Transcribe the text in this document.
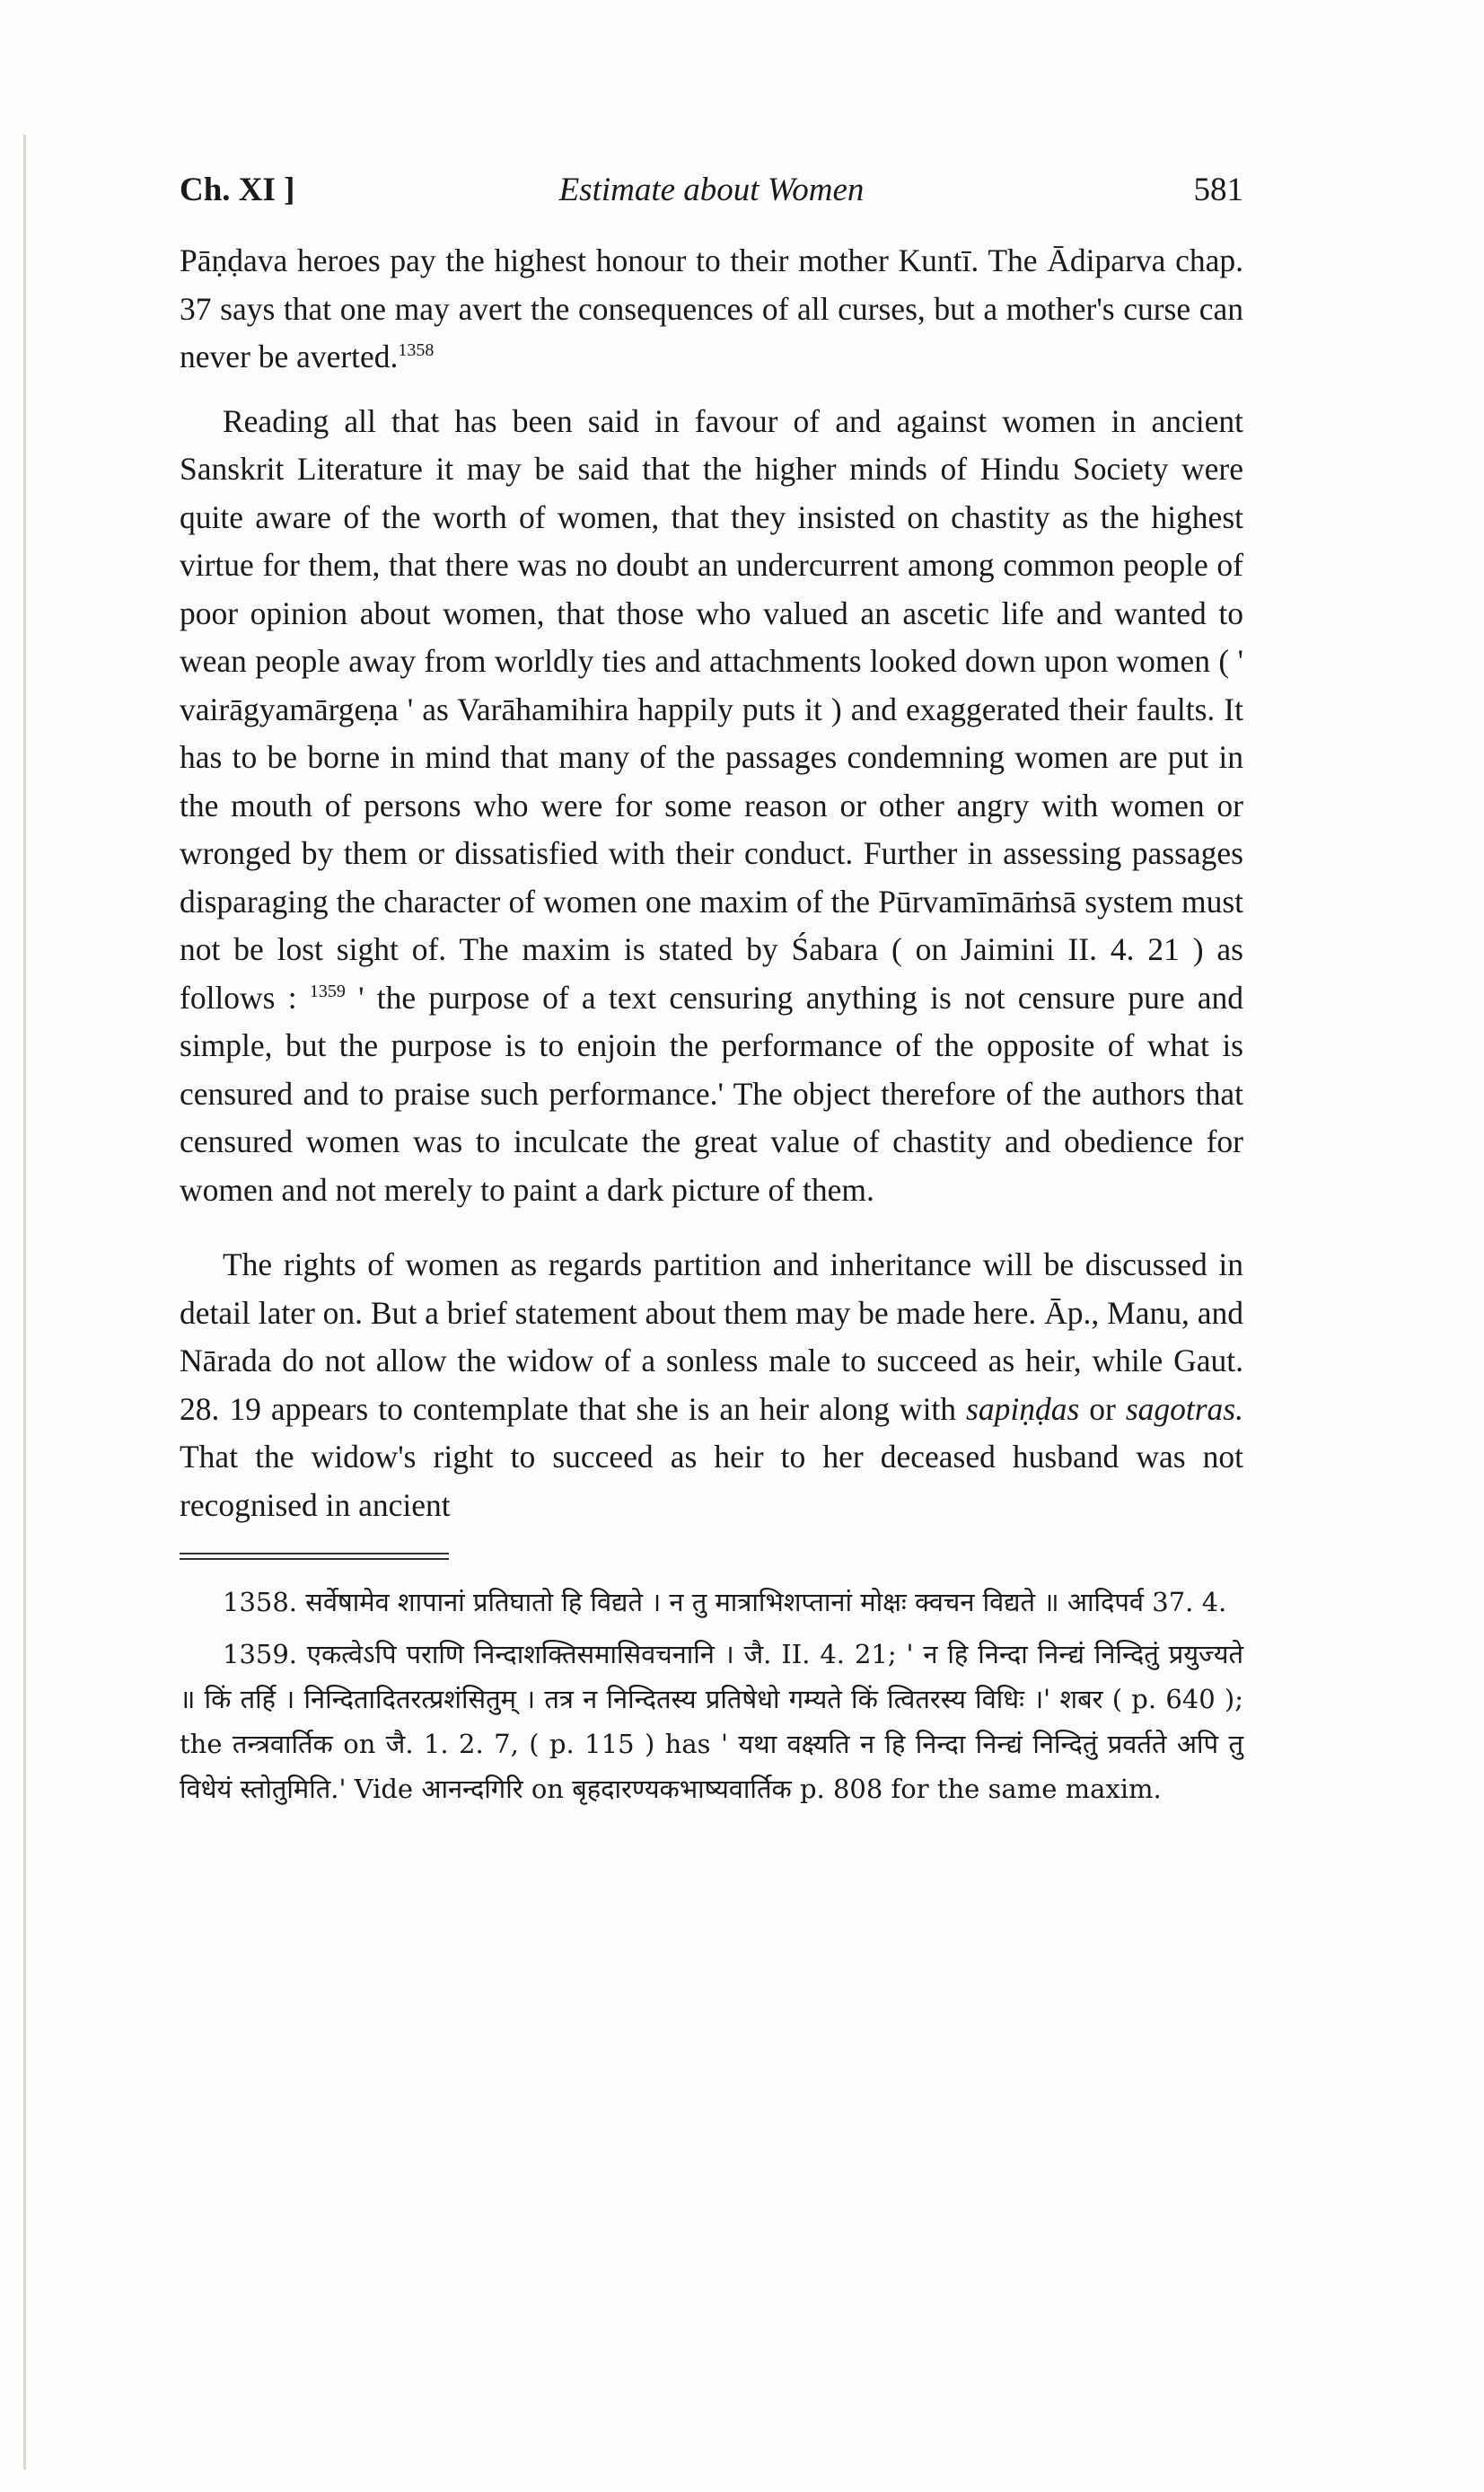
Estimate about Women
Ch. XI ]	581

Pāṇḍava heroes pay the highest honour to their mother Kuntī. The Ādiparva chap. 37 says that one may avert the consequences of all curses, but a mother's curse can never be averted.$^{1358}$

Reading all that has been said in favour of and against women in ancient Sanskrit Literature it may be said that the higher minds of Hindu Society were quite aware of the worth of women, that they insisted on chastity as the highest virtue for them, that there was no doubt an undercurrent among common people of poor opinion about women, that those who valued an ascetic life and wanted to wean people away from worldly ties and attachments looked down upon women ( ' vairāgyamārgeṇa ' as Varāhamihira happily puts it ) and exaggerated their faults. It has to be borne in mind that many of the passages condemning women are put in the mouth of persons who were for some reason or other angry with women or wronged by them or dissatisfied with their conduct. Further in assessing passages disparaging the character of women one maxim of the Pūrvamīmāṁsā system must not be lost sight of. The maxim is stated by Śabara ( on Jaimini II. 4. 21 ) as follows : $^{1359}$ ' the purpose of a text censuring anything is not censure pure and simple, but the purpose is to enjoin the performance of the opposite of what is censured and to praise such performance.' The object therefore of the authors that censured women was to inculcate the great value of chastity and obedience for women and not merely to paint a dark picture of them.

The rights of women as regards partition and inheritance will be discussed in detail later on. But a brief statement about them may be made here. Āp., Manu, and Nārada do not allow the widow of a sonless male to succeed as heir, while Gaut. 28. 19 appears to contemplate that she is an heir along with sapiṇḍas or sagotras. That the widow's right to succeed as heir to her deceased husband was not recognised in ancient

1358. सर्वेषामेव शापानां प्रतिघातो हि विद्यते । न तु मात्राभिशप्तानां मोक्षः क्वचन विद्यते ॥ आदिपर्व 37. 4.

1359. एकत्वेऽपि पराणि निन्दाशक्तिसमासिवचनानि । जै. II. 4. 21; ' न हि निन्दा निन्द्यं निन्दितुं प्रयुज्यते ॥ किं तर्हि । निन्दितादितरत्प्रशंसितुम् । तत्र न निन्दितस्य प्रतिषेधो गम्यते किं त्वितरस्य विधिः ।' शबर ( p. 640 ); the तन्त्रवार्तिक on जै. 1. 2. 7, ( p. 115 ) has ' यथा वक्ष्यति न हि निन्दा निन्द्यं निन्दितुं प्रवर्तते अपि तु विधेयं स्तोतुमिति.' Vide आनन्दगिरि on बृहदारण्यकभाष्यवार्तिक p. 808 for the same maxim.
